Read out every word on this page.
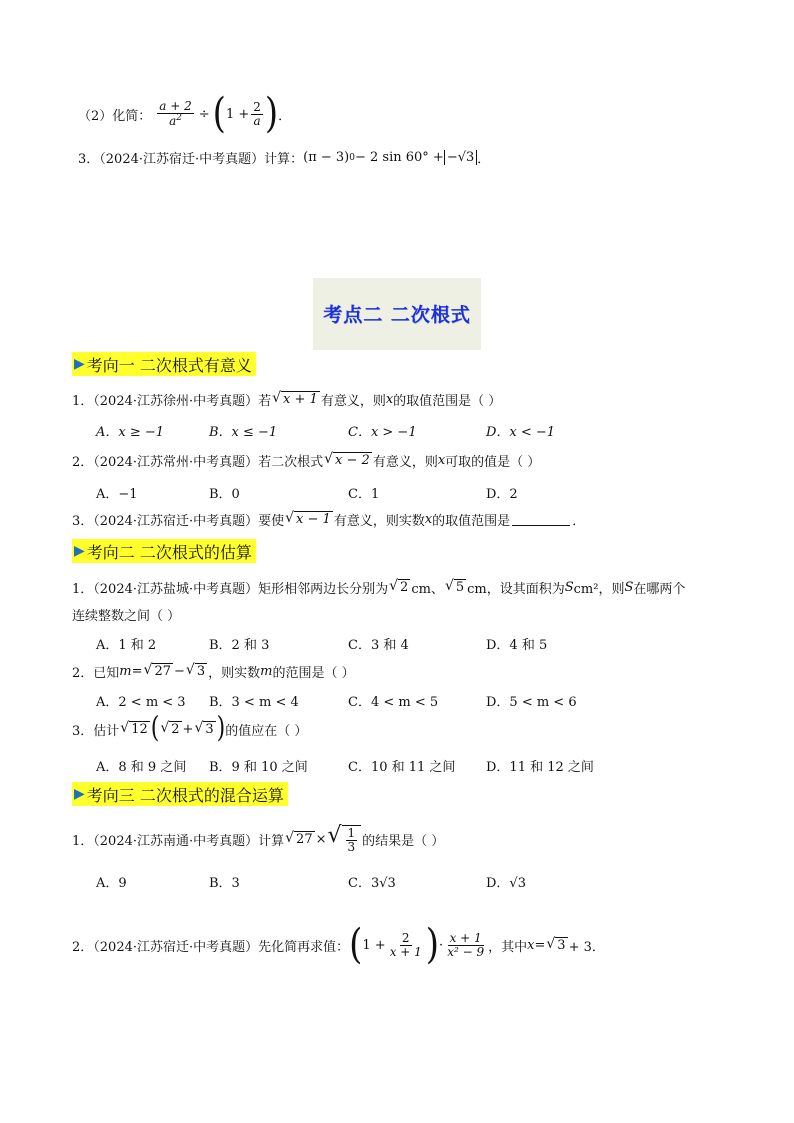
（2）化简： $\frac{a + 2}{a^2}$ ÷ ( $1 + \frac{2}{a}$ ) ．
3．（2024·江苏宿迁·中考真题）计算： (π − 3) 0 − 2 sin 60° + −√3 ．
考点二 二次根式
▶ 考向一 二次根式有意义
1．（2024·江苏徐州·中考真题）若 √ x + 1 有意义，则 x 的取值范围是（ ）
A．x ≥ −1	B．x ≤ −1	C．x > −1	D．x < −1
2．（2024·江苏常州·中考真题）若二次根式 √ x − 2 有意义，则 x 可取的值是（ ）
A．−1	B．0	C．1	D．2
3．（2024·江苏宿迁·中考真题）要使 √ x − 1 有意义，则实数 x 的取值范围是	．
▶ 考向二 二次根式的估算
1．（2024·江苏盐城·中考真题）矩形相邻两边长分别为 √ 2 cm、 √ 5 cm，设其面积为 S cm²，则 S 在哪两个
连续整数之间（ ）
A．1 和 2	B．2 和 3	C．3 和 4	D．4 和 5
2．已知 m = √ 27 − √ 3 ，则实数 m 的范围是（ ）
A．2 < m < 3 B．3 < m < 4	C．4 < m < 5	D．5 < m < 6
3．估计 √ 12 ( √ 2 + √ 3 ) 的值应在（ ）
A．8 和 9 之间 B．9 和 10 之间	C．10 和 11 之间 D．11 和 12 之间
▶ 考向三 二次根式的混合运算
1．（2024·江苏南通·中考真题）计算 √ 27 × √ $\frac{1}{3}$ 的结果是（ ）
A．9	B．3	C．3√3	D．√3
2．（2024·江苏宿迁·中考真题）先化简再求值： ( $1 + \frac{2}{x + 1}$ ) · $\frac{x + 1}{\text{x² − 9}}$ ，其中 x = √ 3 + 3．
